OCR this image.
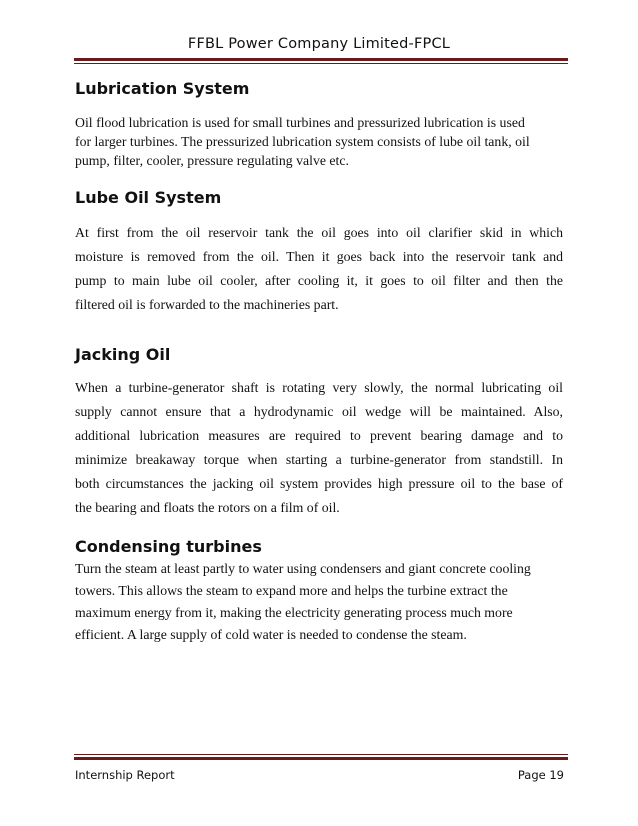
FFBL Power Company Limited-FPCL
Lubrication System
Oil flood lubrication is used for small turbines and pressurized lubrication is used
for larger turbines. The pressurized lubrication system consists of lube oil tank, oil
pump, filter, cooler, pressure regulating valve etc.
Lube Oil System
At first from the oil reservoir tank the oil goes into oil clarifier skid in which
moisture is removed from the oil. Then it goes back into the reservoir tank and
pump to main lube oil cooler, after cooling it, it goes to oil filter and then the
filtered oil is forwarded to the machineries part.
Jacking Oil
When a turbine-generator shaft is rotating very slowly, the normal lubricating oil
supply cannot ensure that a hydrodynamic oil wedge will be maintained. Also,
additional lubrication measures are required to prevent bearing damage and to
minimize breakaway torque when starting a turbine-generator from standstill. In
both circumstances the jacking oil system provides high pressure oil to the base of
the bearing and floats the rotors on a film of oil.
Condensing turbines
Turn the steam at least partly to water using condensers and giant concrete cooling
towers. This allows the steam to expand more and helps the turbine extract the
maximum energy from it, making the electricity generating process much more
efficient. A large supply of cold water is needed to condense the steam.
Internship Report	Page 19
